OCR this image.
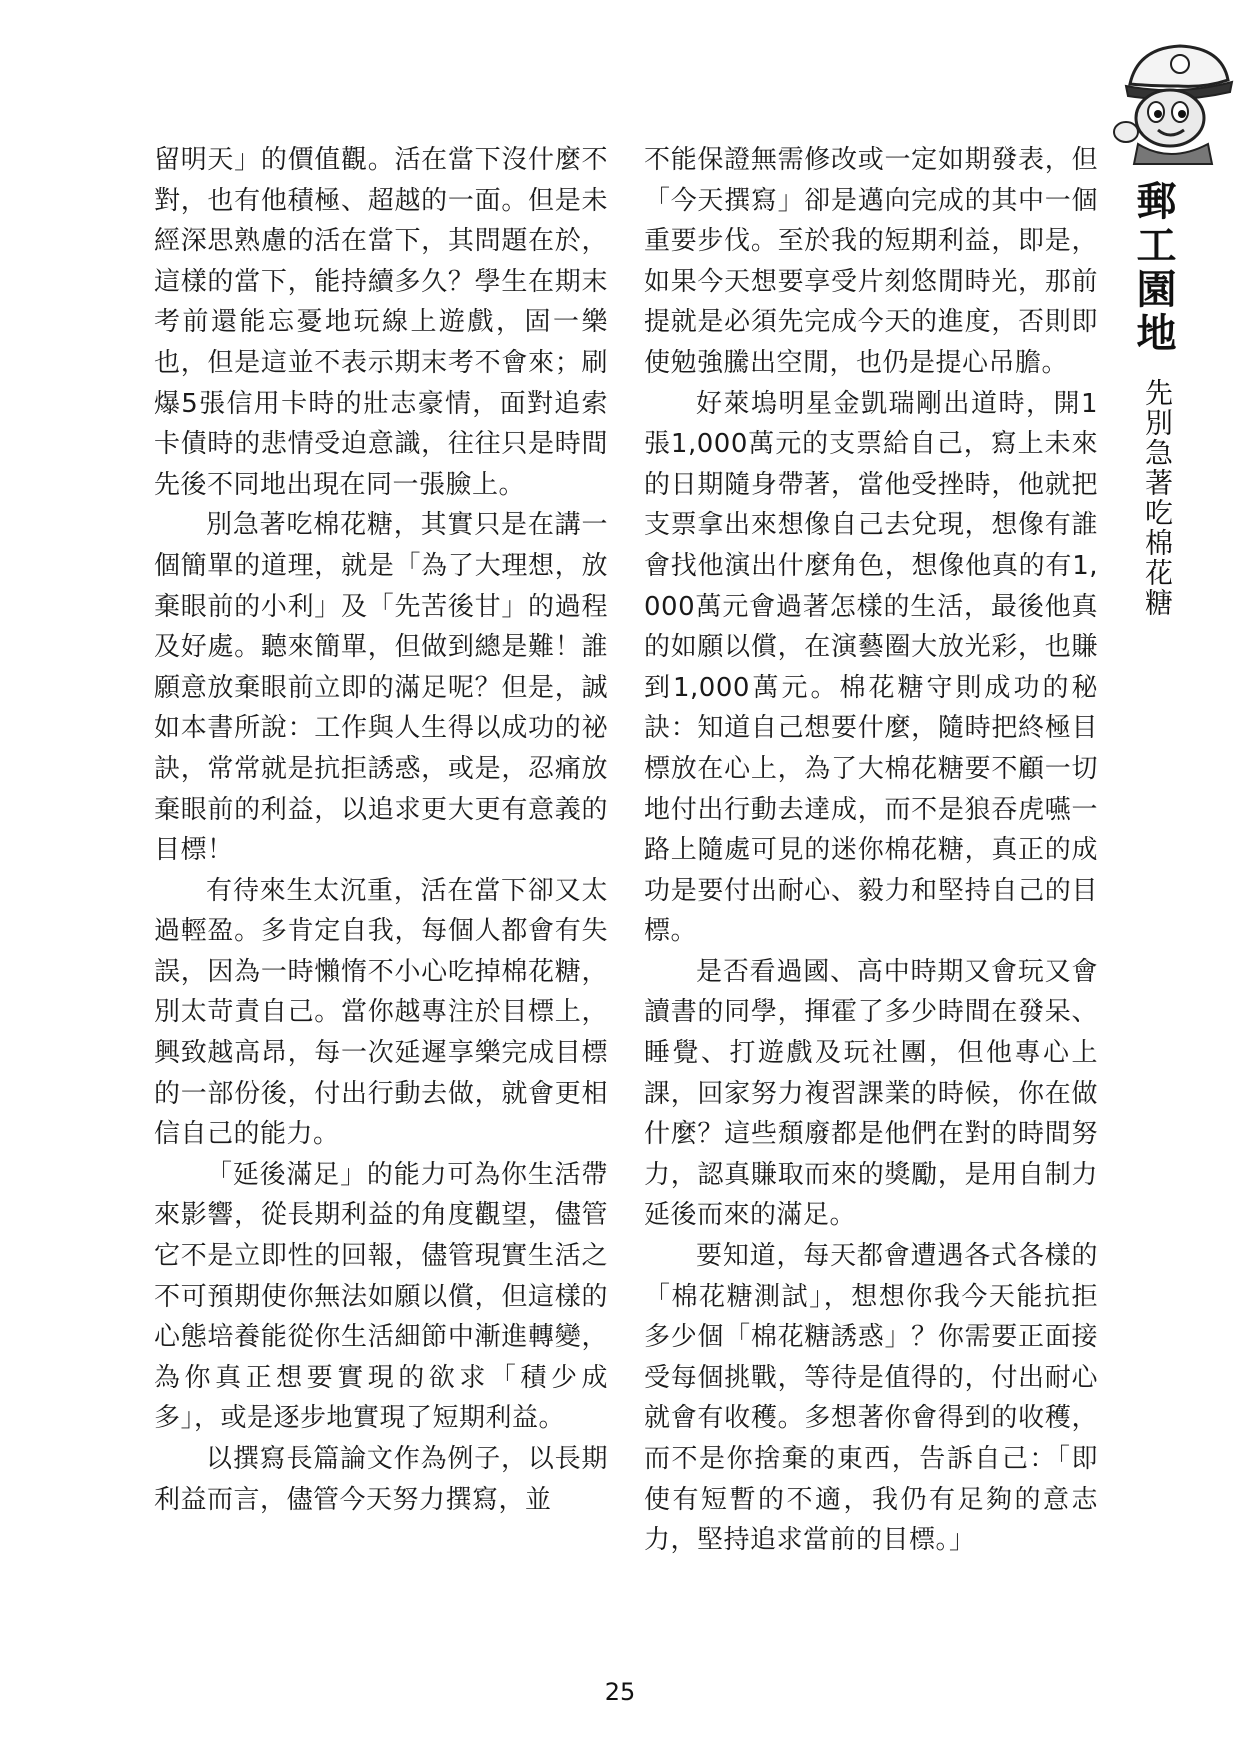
郵工園地
先別急著吃棉花糖

留明天」的價值觀。活在當下沒什麼不對，也有他積極、超越的一面。但是未經深思熟慮的活在當下，其問題在於，這樣的當下，能持續多久？學生在期末考前還能忘憂地玩線上遊戲，固一樂也，但是這並不表示期末考不會來；刷爆5張信用卡時的壯志豪情，面對追索卡債時的悲情受迫意識，往往只是時間先後不同地出現在同一張臉上。

別急著吃棉花糖，其實只是在講一個簡單的道理，就是「為了大理想，放棄眼前的小利」及「先苦後甘」的過程及好處。聽來簡單，但做到總是難！誰願意放棄眼前立即的滿足呢？但是，誠如本書所說：工作與人生得以成功的祕訣，常常就是抗拒誘惑，或是，忍痛放棄眼前的利益，以追求更大更有意義的目標！

有待來生太沉重，活在當下卻又太過輕盈。多肯定自我，每個人都會有失誤，因為一時懶惰不小心吃掉棉花糖，別太苛責自己。當你越專注於目標上，興致越高昂，每一次延遲享樂完成目標的一部份後，付出行動去做，就會更相信自己的能力。

「延後滿足」的能力可為你生活帶來影響，從長期利益的角度觀望，儘管它不是立即性的回報，儘管現實生活之不可預期使你無法如願以償，但這樣的心態培養能從你生活細節中漸進轉變，為你真正想要實現的欲求「積少成多」，或是逐步地實現了短期利益。

以撰寫長篇論文作為例子，以長期利益而言，儘管今天努力撰寫，並

不能保證無需修改或一定如期發表，但「今天撰寫」卻是邁向完成的其中一個重要步伐。至於我的短期利益，即是，如果今天想要享受片刻悠閒時光，那前提就是必須先完成今天的進度，否則即使勉強騰出空閒，也仍是提心吊膽。

好萊塢明星金凱瑞剛出道時，開1張1,000萬元的支票給自己，寫上未來的日期隨身帶著，當他受挫時，他就把支票拿出來想像自己去兌現，想像有誰會找他演出什麼角色，想像他真的有1,000萬元會過著怎樣的生活，最後他真的如願以償，在演藝圈大放光彩，也賺到1,000萬元。棉花糖守則成功的秘訣：知道自己想要什麼，隨時把終極目標放在心上，為了大棉花糖要不顧一切地付出行動去達成，而不是狼吞虎嚥一路上隨處可見的迷你棉花糖，真正的成功是要付出耐心、毅力和堅持自己的目標。

是否看過國、高中時期又會玩又會讀書的同學，揮霍了多少時間在發呆、睡覺、打遊戲及玩社團，但他專心上課，回家努力複習課業的時候，你在做什麼？這些頹廢都是他們在對的時間努力，認真賺取而來的獎勵，是用自制力延後而來的滿足。

要知道，每天都會遭遇各式各樣的「棉花糖測試」，想想你我今天能抗拒多少個「棉花糖誘惑」？你需要正面接受每個挑戰，等待是值得的，付出耐心就會有收穫。多想著你會得到的收穫，而不是你捨棄的東西，告訴自己：「即使有短暫的不適，我仍有足夠的意志力，堅持追求當前的目標。」

25
